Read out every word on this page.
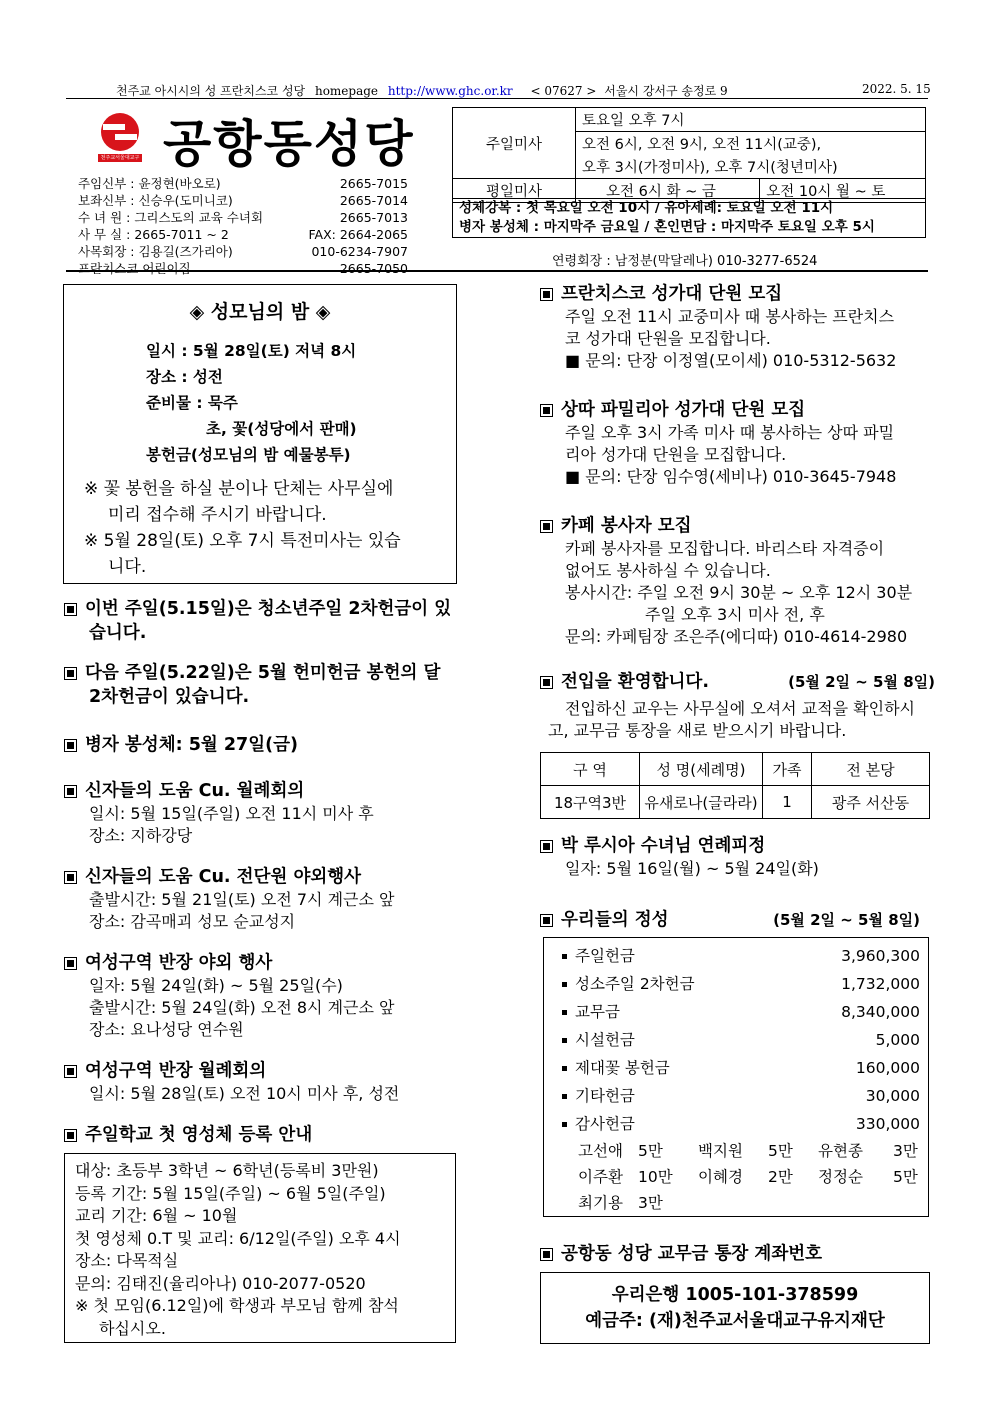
천주교 아시시의 성 프란치스코 성당 homepage http://www.ghc.or.kr < 07627 > 서울시 강서구 송정로 9	2022. 5. 15
천주교서울대교구 공항동성당
주임신부 : 윤정현(바오로)	2665-7015
보좌신부 : 신승우(도미니코)	2665-7014
수 녀 원 : 그리스도의 교육 수녀회	2665-7013
사 무 실 : 2665-7011 ~ 2	FAX: 2664-2065
사목회장 : 김용길(즈가리아)	010-6234-7907
프란치스코 어린이집	2665-7050
주일미사	토요일 오후 7시	
	오전 6시, 오전 9시, 오전 11시(교중),	
	오후 3시(가정미사), 오후 7시(청년미사)	
평일미사	오전 6시 화 ~ 금	오전 10시 월 ~ 토
성체강복 : 첫 목요일 오전 10시 / 유아세례: 토요일 오전 11시
병자 봉성체 : 마지막주 금요일 / 혼인면담 : 마지막주 토요일 오후 5시
연령회장 : 남정분(막달레나) 010-3277-6524
◈ 성모님의 밤 ◈
일시 : 5월 28일(토) 저녁 8시
장소 : 성전
준비물 : 묵주
초, 꽃(성당에서 판매)
봉헌금(성모님의 밤 예물봉투)
※ 꽃 봉헌을 하실 분이나 단체는 사무실에
미리 접수해 주시기 바랍니다.
※ 5월 28일(토) 오후 7시 특전미사는 있습
니다.
이번 주일(5.15일)은 청소년주일 2차헌금이 있
습니다.
다음 주일(5.22일)은 5월 헌미헌금 봉헌의 달
2차헌금이 있습니다.
병자 봉성체: 5월 27일(금)
신자들의 도움 Cu. 월례회의
일시: 5월 15일(주일) 오전 11시 미사 후
장소: 지하강당
신자들의 도움 Cu. 전단원 야외행사
출발시간: 5월 21일(토) 오전 7시 계근소 앞
장소: 감곡매괴 성모 순교성지
여성구역 반장 야외 행사
일자: 5월 24일(화) ~ 5월 25일(수)
출발시간: 5월 24일(화) 오전 8시 계근소 앞
장소: 요나성당 연수원
여성구역 반장 월례회의
일시: 5월 28일(토) 오전 10시 미사 후, 성전
주일학교 첫 영성체 등록 안내
대상: 초등부 3학년 ~ 6학년(등록비 3만원)
등록 기간: 5월 15일(주일) ~ 6월 5일(주일)
교리 기간: 6월 ~ 10월
첫 영성체 0.T 및 교리: 6/12일(주일) 오후 4시
장소: 다목적실
문의: 김태진(율리아나) 010-2077-0520
※ 첫 모임(6.12일)에 학생과 부모님 함께 참석
하십시오.
프란치스코 성가대 단원 모집
주일 오전 11시 교중미사 때 봉사하는 프란치스
코 성가대 단원을 모집합니다.
■ 문의: 단장 이정열(모이세) 010-5312-5632
상따 파밀리아 성가대 단원 모집
주일 오후 3시 가족 미사 때 봉사하는 상따 파밀
리아 성가대 단원을 모집합니다.
■ 문의: 단장 임수영(세비나) 010-3645-7948
카페 봉사자 모집
카페 봉사자를 모집합니다. 바리스타 자격증이
없어도 봉사하실 수 있습니다.
봉사시간: 주일 오전 9시 30분 ~ 오후 12시 30분
주일 오후 3시 미사 전, 후
문의: 카페팀장 조은주(에디따) 010-4614-2980
전입을 환영합니다.	(5월 2일 ~ 5월 8일)
전입하신 교우는 사무실에 오셔서 교적을 확인하시
고, 교무금 통장을 새로 받으시기 바랍니다.
구 역	성 명(세례명)	가족	전 본당
18구역3반	유새로나(글라라)	1	광주 서산동
박 루시아 수녀님 연례피정
일자: 5월 16일(월) ~ 5월 24일(화)
우리들의 정성	(5월 2일 ~ 5월 8일)
주일헌금	3,960,300
성소주일 2차헌금	1,732,000
교무금	8,340,000
시설헌금	5,000
제대꽃 봉헌금	160,000
기타헌금	30,000
감사헌금	330,000
고선애 5만	백지원	5만	유현종	3만
이주환 10만	이혜경	2만	정정순	5만
최기용 3만
공항동 성당 교무금 통장 계좌번호
우리은행 1005-101-378599
예금주: (재)천주교서울대교구유지재단
